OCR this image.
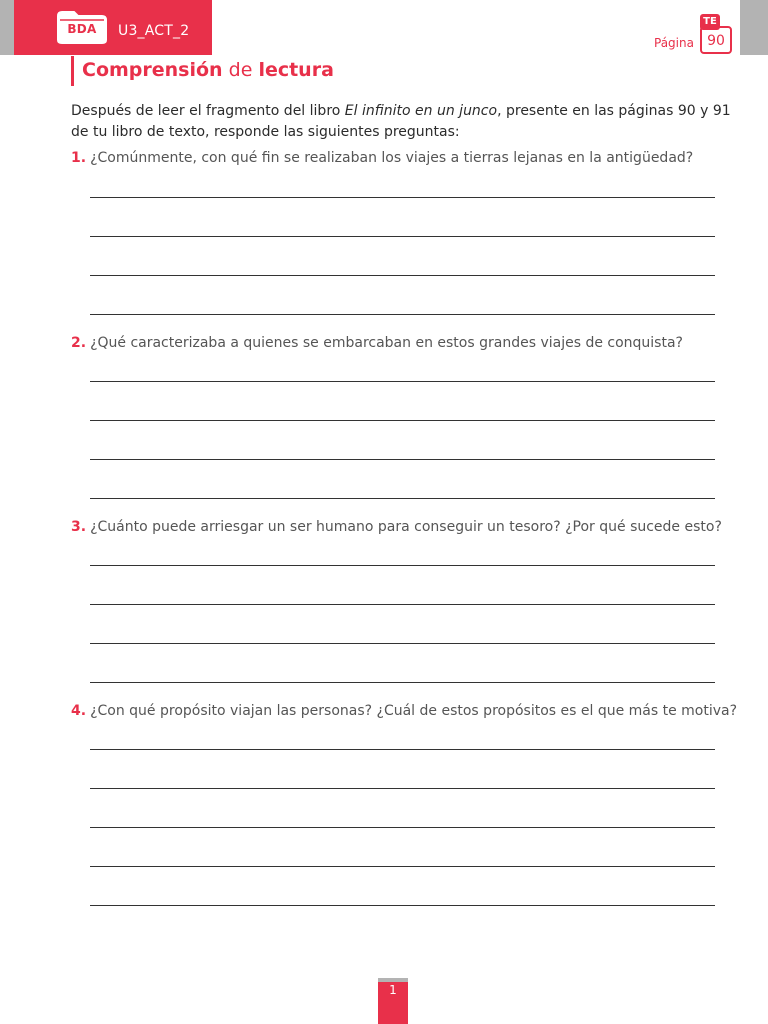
BDA	U3_ACT_2
Página 90
TE
Comprensión de lectura
Después de leer el fragmento del libro El infinito en un junco, presente en las páginas 90 y 91 de tu libro de texto, responde las siguientes preguntas:
1. ¿Comúnmente, con qué fin se realizaban los viajes a tierras lejanas en la antigüedad?
2. ¿Qué caracterizaba a quienes se embarcaban en estos grandes viajes de conquista?
3. ¿Cuánto puede arriesgar un ser humano para conseguir un tesoro? ¿Por qué sucede esto?
4. ¿Con qué propósito viajan las personas? ¿Cuál de estos propósitos es el que más te motiva?
1
